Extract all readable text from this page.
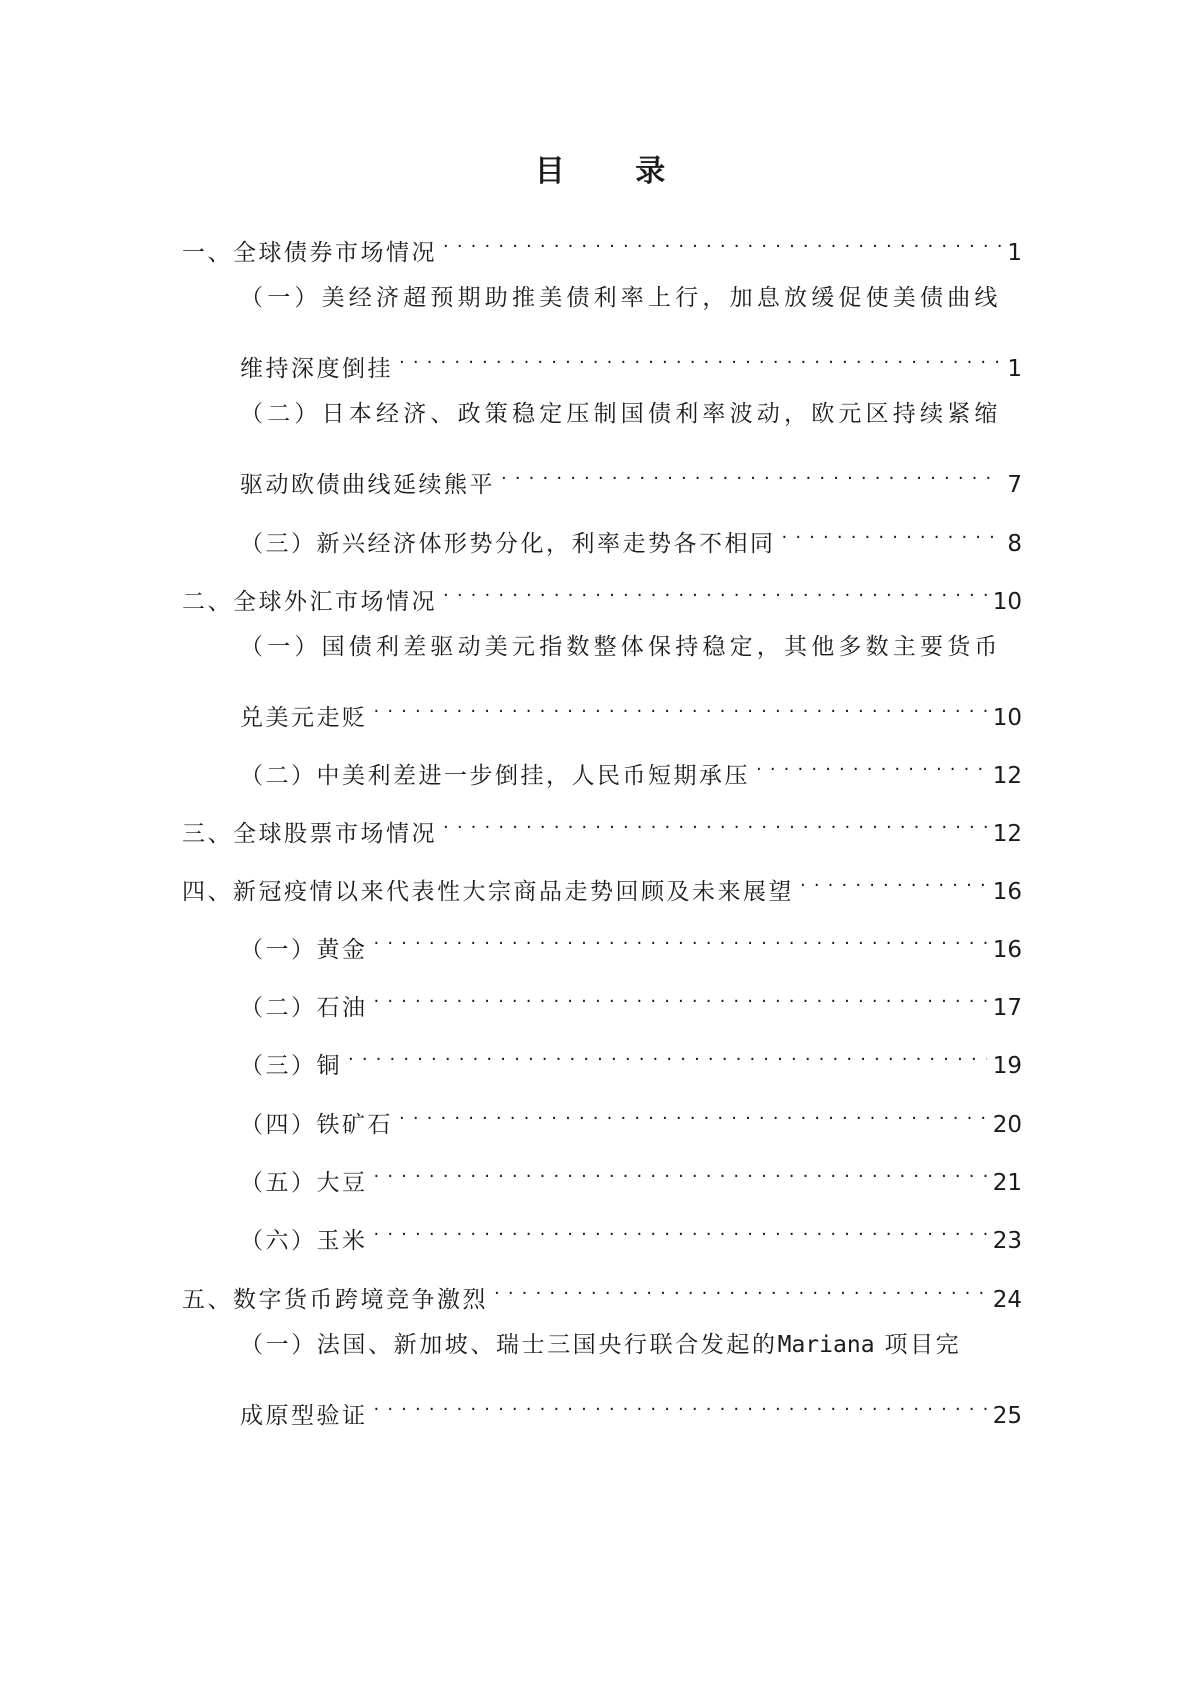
目 录
一、全球债券市场情况 . . .	1
（一）美经济超预期助推美债利率上行，加息放缓促使美债曲线
维持深度倒挂 . . .	1
（二）日本经济、政策稳定压制国债利率波动，欧元区持续紧缩
驱动欧债曲线延续熊平 . . .	7
（三）新兴经济体形势分化，利率走势各不相同 . . .	8
二、全球外汇市场情况 . . .	10
（一）国债利差驱动美元指数整体保持稳定，其他多数主要货币
兑美元走贬 . . .	10
（二）中美利差进一步倒挂，人民币短期承压 . . .	12
三、全球股票市场情况 . . .	12
四、新冠疫情以来代表性大宗商品走势回顾及未来展望 . . .	16
（一）黄金 . . .	16
（二）石油 . . .	17
（三）铜 . . .	19
（四）铁矿石 . . .	20
（五）大豆 . . .	21
（六）玉米 . . .	23
五、数字货币跨境竞争激烈 . . .	24
（一）法国、新加坡、瑞士三国央行联合发起的Mariana 项目完
成原型验证 . . .	25
